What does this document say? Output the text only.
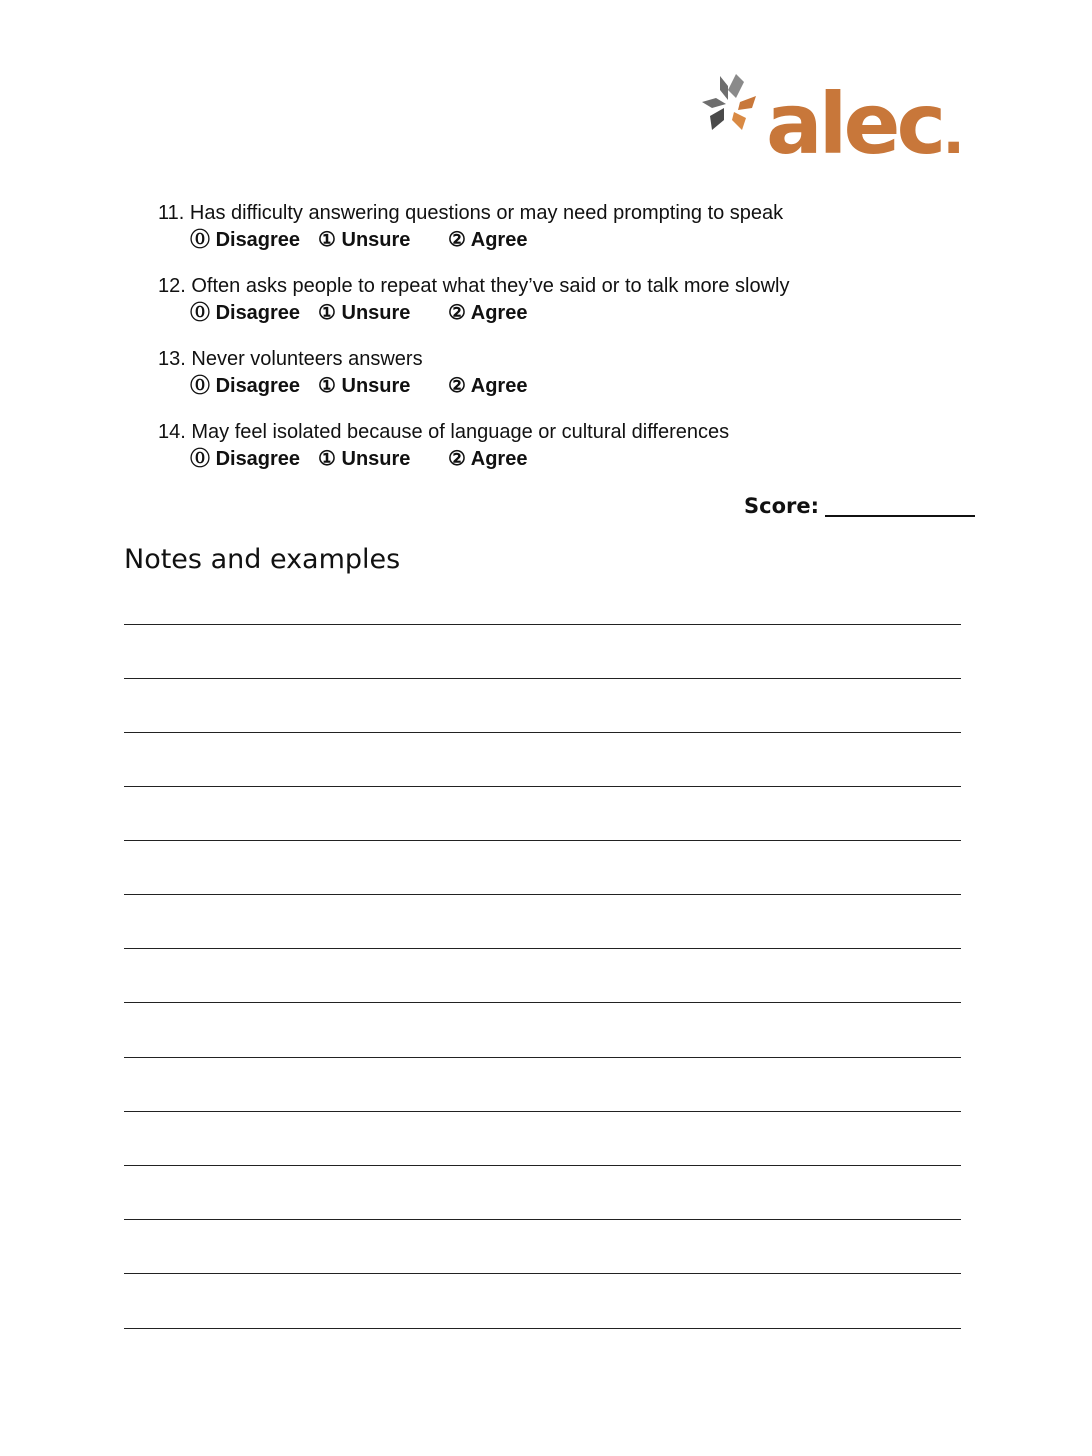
alec.
11. Has difficulty answering questions or may need prompting to speak
⓪ Disagree ① Unsure ② Agree
12. Often asks people to repeat what they’ve said or to talk more slowly
⓪ Disagree ① Unsure ② Agree
13. Never volunteers answers
⓪ Disagree ① Unsure ② Agree
14. May feel isolated because of language or cultural differences
⓪ Disagree ① Unsure ② Agree
Score:
Notes and examples
